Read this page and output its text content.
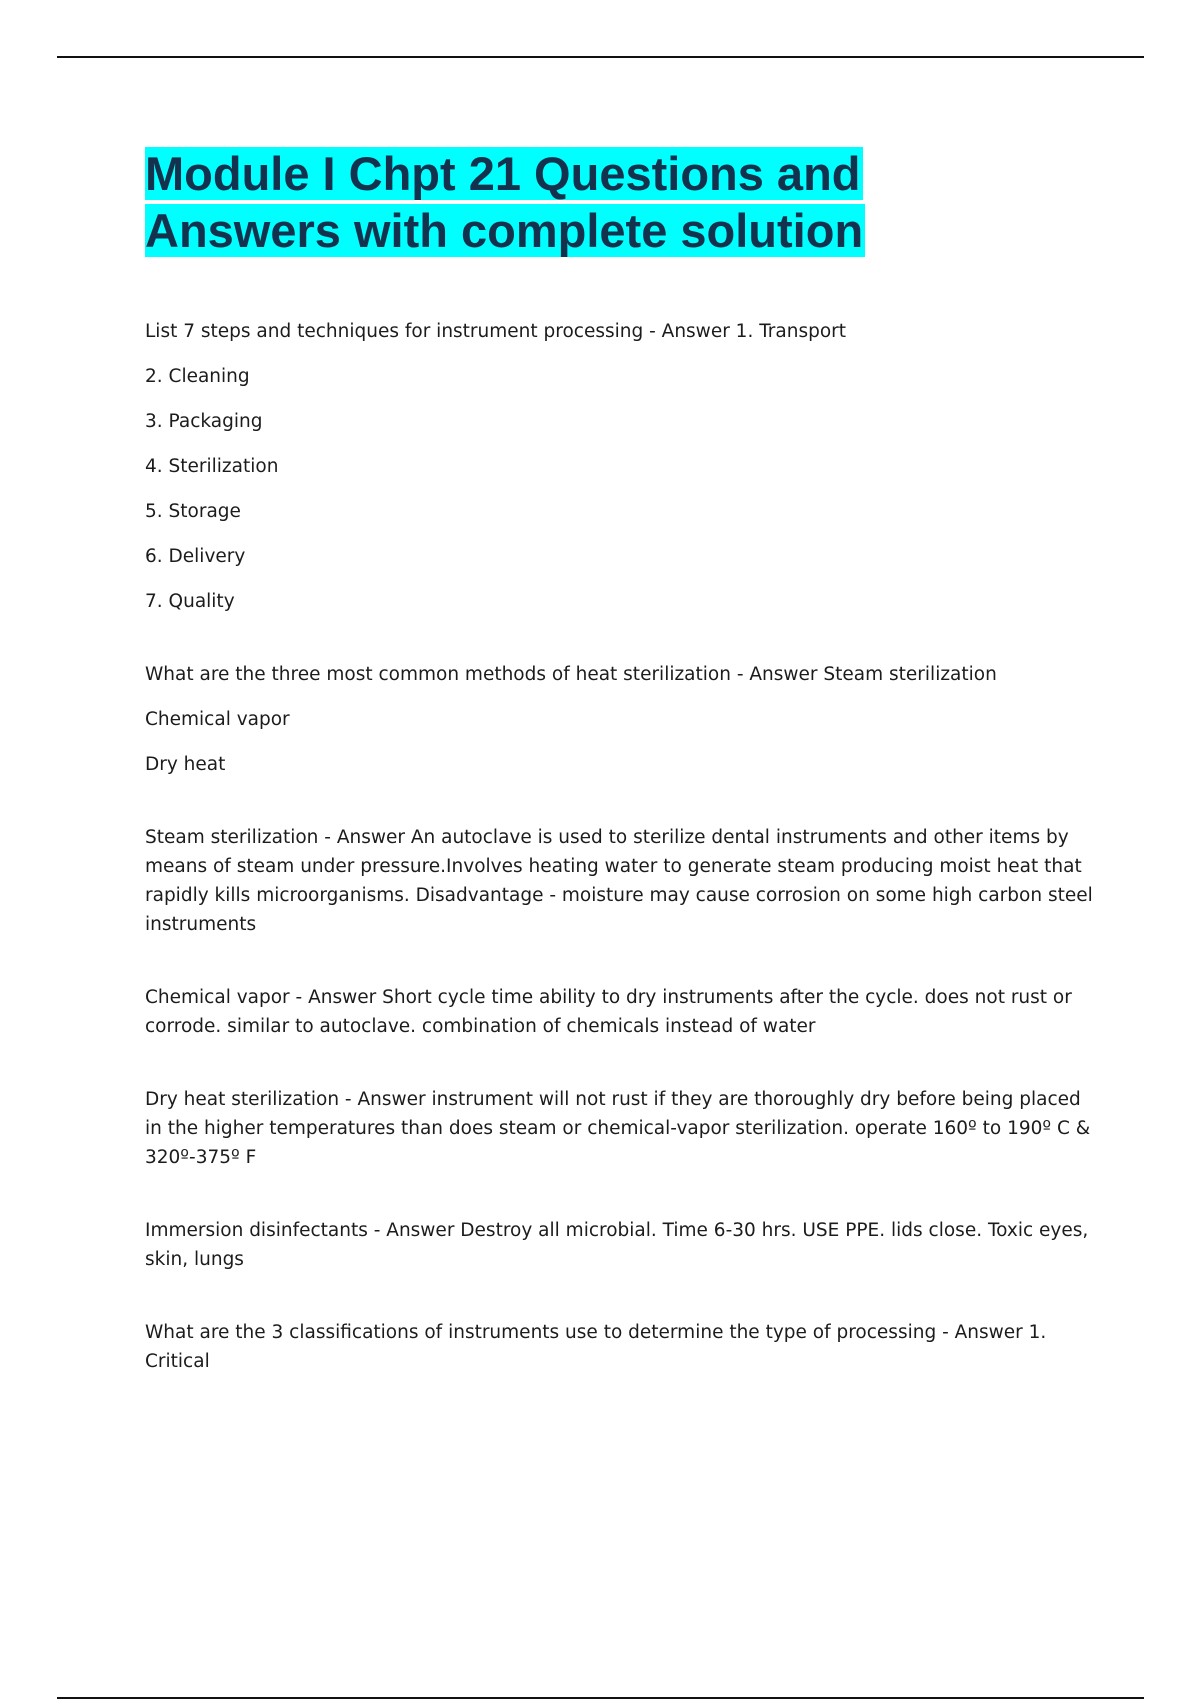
Module I Chpt 21 Questions and
Answers with complete solution
List 7 steps and techniques for instrument processing - Answer 1. Transport
2. Cleaning
3. Packaging
4. Sterilization
5. Storage
6. Delivery
7. Quality
What are the three most common methods of heat sterilization - Answer Steam sterilization
Chemical vapor
Dry heat
Steam sterilization - Answer An autoclave is used to sterilize dental instruments and other items by means of steam under pressure.Involves heating water to generate steam producing moist heat that rapidly kills microorganisms. Disadvantage - moisture may cause corrosion on some high carbon steel instruments
Chemical vapor - Answer Short cycle time ability to dry instruments after the cycle. does not rust or corrode. similar to autoclave. combination of chemicals instead of water
Dry heat sterilization - Answer instrument will not rust if they are thoroughly dry before being placed in the higher temperatures than does steam or chemical-vapor sterilization. operate 160º to 190º C & 320º-375º F
Immersion disinfectants - Answer Destroy all microbial. Time 6-30 hrs. USE PPE. lids close. Toxic eyes, skin, lungs
What are the 3 classifications of instruments use to determine the type of processing - Answer 1. Critical
